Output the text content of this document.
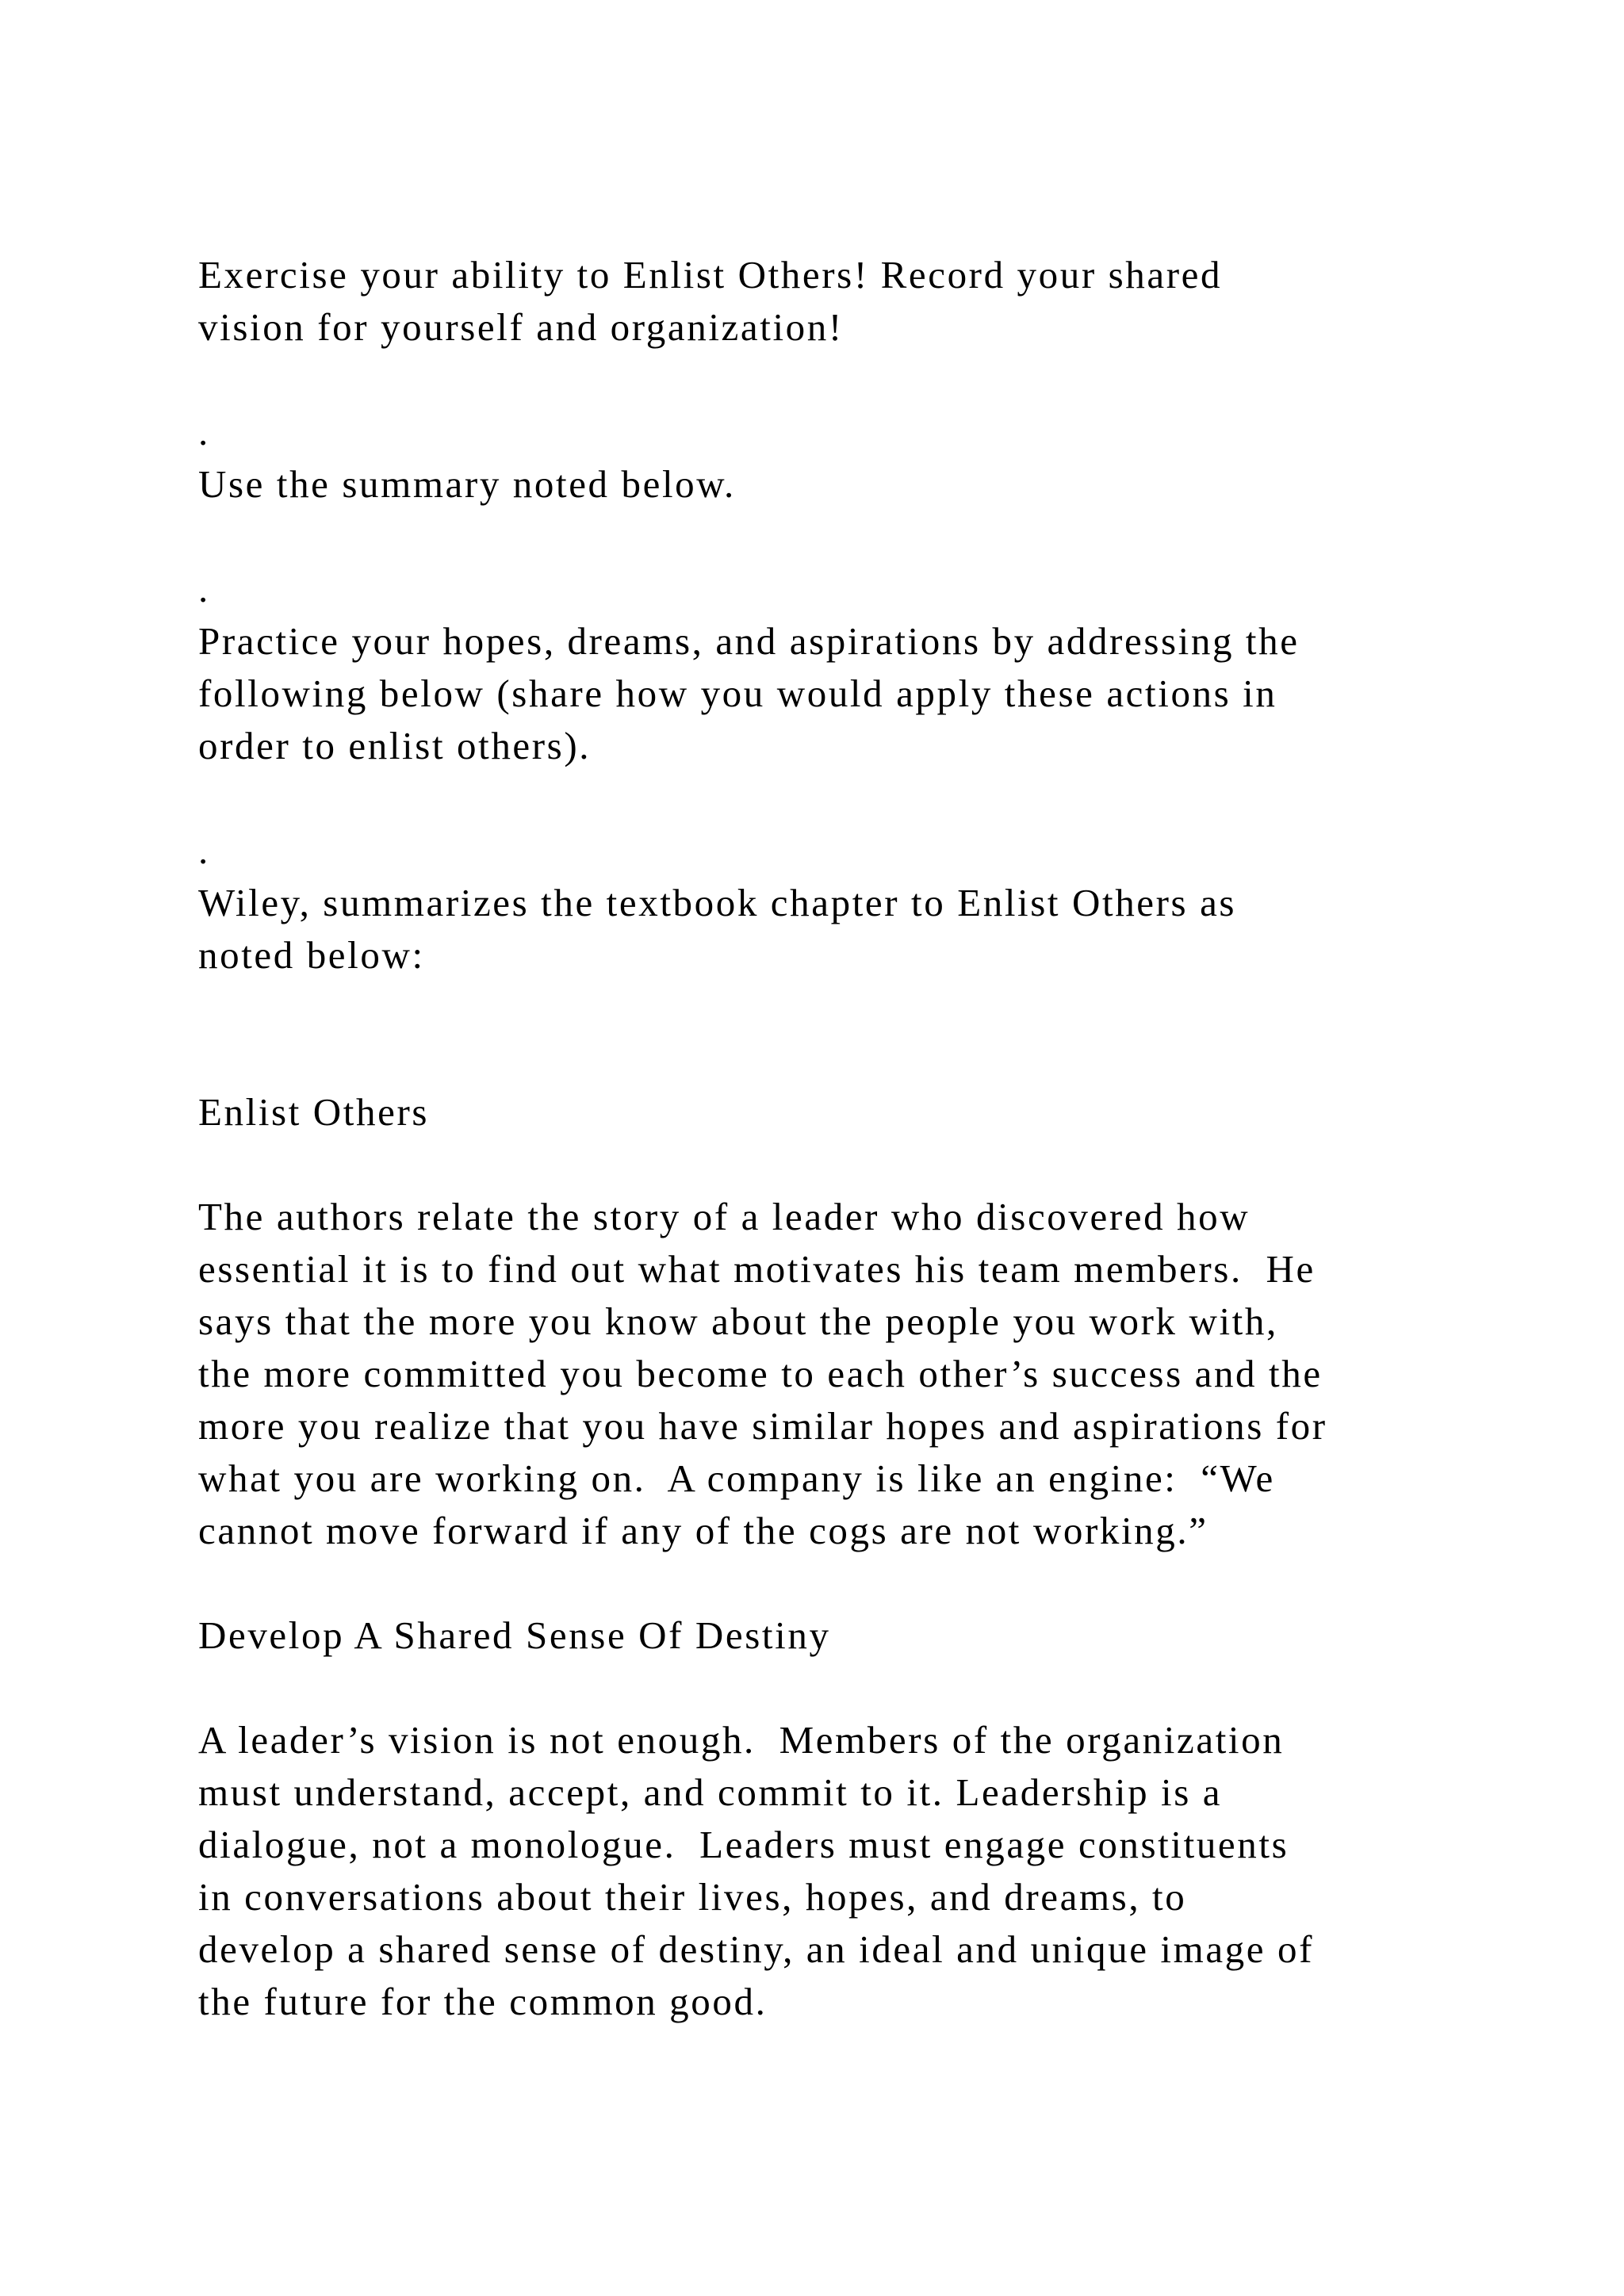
Exercise your ability to Enlist Others! Record your shared

vision for yourself and organization!

.

Use the summary noted below.

.

Practice your hopes, dreams, and aspirations by addressing the

following below (share how you would apply these actions in

order to enlist others).

.

Wiley, summarizes the textbook chapter to Enlist Others as

noted below:

Enlist Others

The authors relate the story of a leader who discovered how

essential it is to find out what motivates his team members.  He

says that the more you know about the people you work with,

the more committed you become to each other’s success and the

more you realize that you have similar hopes and aspirations for

what you are working on.  A company is like an engine:  “We

cannot move forward if any of the cogs are not working.”

Develop A Shared Sense Of Destiny

A leader’s vision is not enough.  Members of the organization

must understand, accept, and commit to it. Leadership is a

dialogue, not a monologue.  Leaders must engage constituents

in conversations about their lives, hopes, and dreams, to

develop a shared sense of destiny, an ideal and unique image of

the future for the common good.
